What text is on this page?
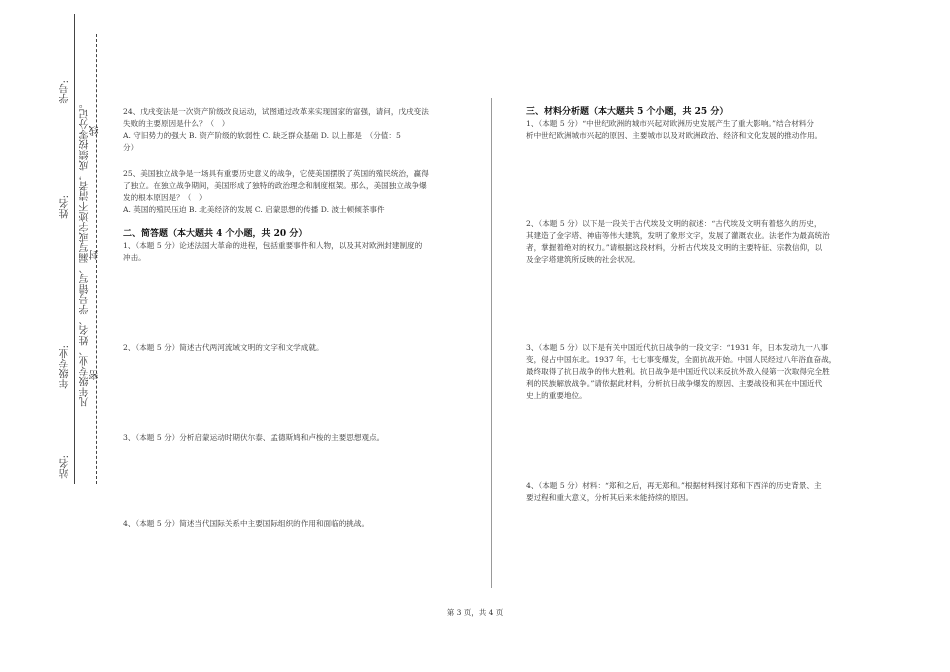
学号:
姓名:
年级专业:
站名:
凡年级专业、姓名、学号错写、漏写或字迹不清者，成绩按零分记。 密
封
线

24、戊戌变法是一次资产阶级改良运动，试图通过改革来实现国家的富强，请问，戊戌变法

失败的主要原因是什么？（　）

A. 守旧势力的强大 B. 资产阶级的软弱性 C. 缺乏群众基础 D. 以上都是　（分值：5

分）

25、美国独立战争是一场具有重要历史意义的战争，它使美国摆脱了英国的殖民统治，赢得

了独立。在独立战争期间，美国形成了独特的政治理念和制度框架。那么，美国独立战争爆

发的根本原因是？（　）

A. 英国的殖民压迫 B. 北美经济的发展 C. 启蒙思想的传播 D. 波士顿倾茶事件

二、简答题（本大题共 4 个小题，共 20 分）

1、（本题 5 分）论述法国大革命的进程，包括重要事件和人物，以及其对欧洲封建制度的

冲击。

2、（本题 5 分）简述古代两河流域文明的文字和文学成就。
3、（本题 5 分）分析启蒙运动时期伏尔泰、孟德斯鸠和卢梭的主要思想观点。
4、（本题 5 分）简述当代国际关系中主要国际组织的作用和面临的挑战。

三、材料分析题（本大题共 5 个小题，共 25 分）

1、（本题 5 分）“中世纪欧洲的城市兴起对欧洲历史发展产生了重大影响。”结合材料分

析中世纪欧洲城市兴起的原因、主要城市以及对欧洲政治、经济和文化发展的推动作用。

2、（本题 5 分）以下是一段关于古代埃及文明的叙述：“古代埃及文明有着悠久的历史，

其建造了金字塔、神庙等伟大建筑，发明了象形文字，发展了灌溉农业。法老作为最高统治

者，掌握着绝对的权力。”请根据这段材料，分析古代埃及文明的主要特征、宗教信仰，以

及金字塔建筑所反映的社会状况。

3、（本题 5 分）以下是有关中国近代抗日战争的一段文字：“1931 年，日本发动九一八事

变，侵占中国东北。1937 年，七七事变爆发，全面抗战开始。中国人民经过八年浴血奋战，

最终取得了抗日战争的伟大胜利。抗日战争是中国近代以来反抗外敌入侵第一次取得完全胜

利的民族解放战争。”请依据此材料，分析抗日战争爆发的原因、主要战役和其在中国近代

史上的重要地位。

4、（本题 5 分）材料：“郑和之后，再无郑和。”根据材料探讨郑和下西洋的历史背景、主

要过程和重大意义，分析其后来未能持续的原因。

第 3 页，共 4 页
